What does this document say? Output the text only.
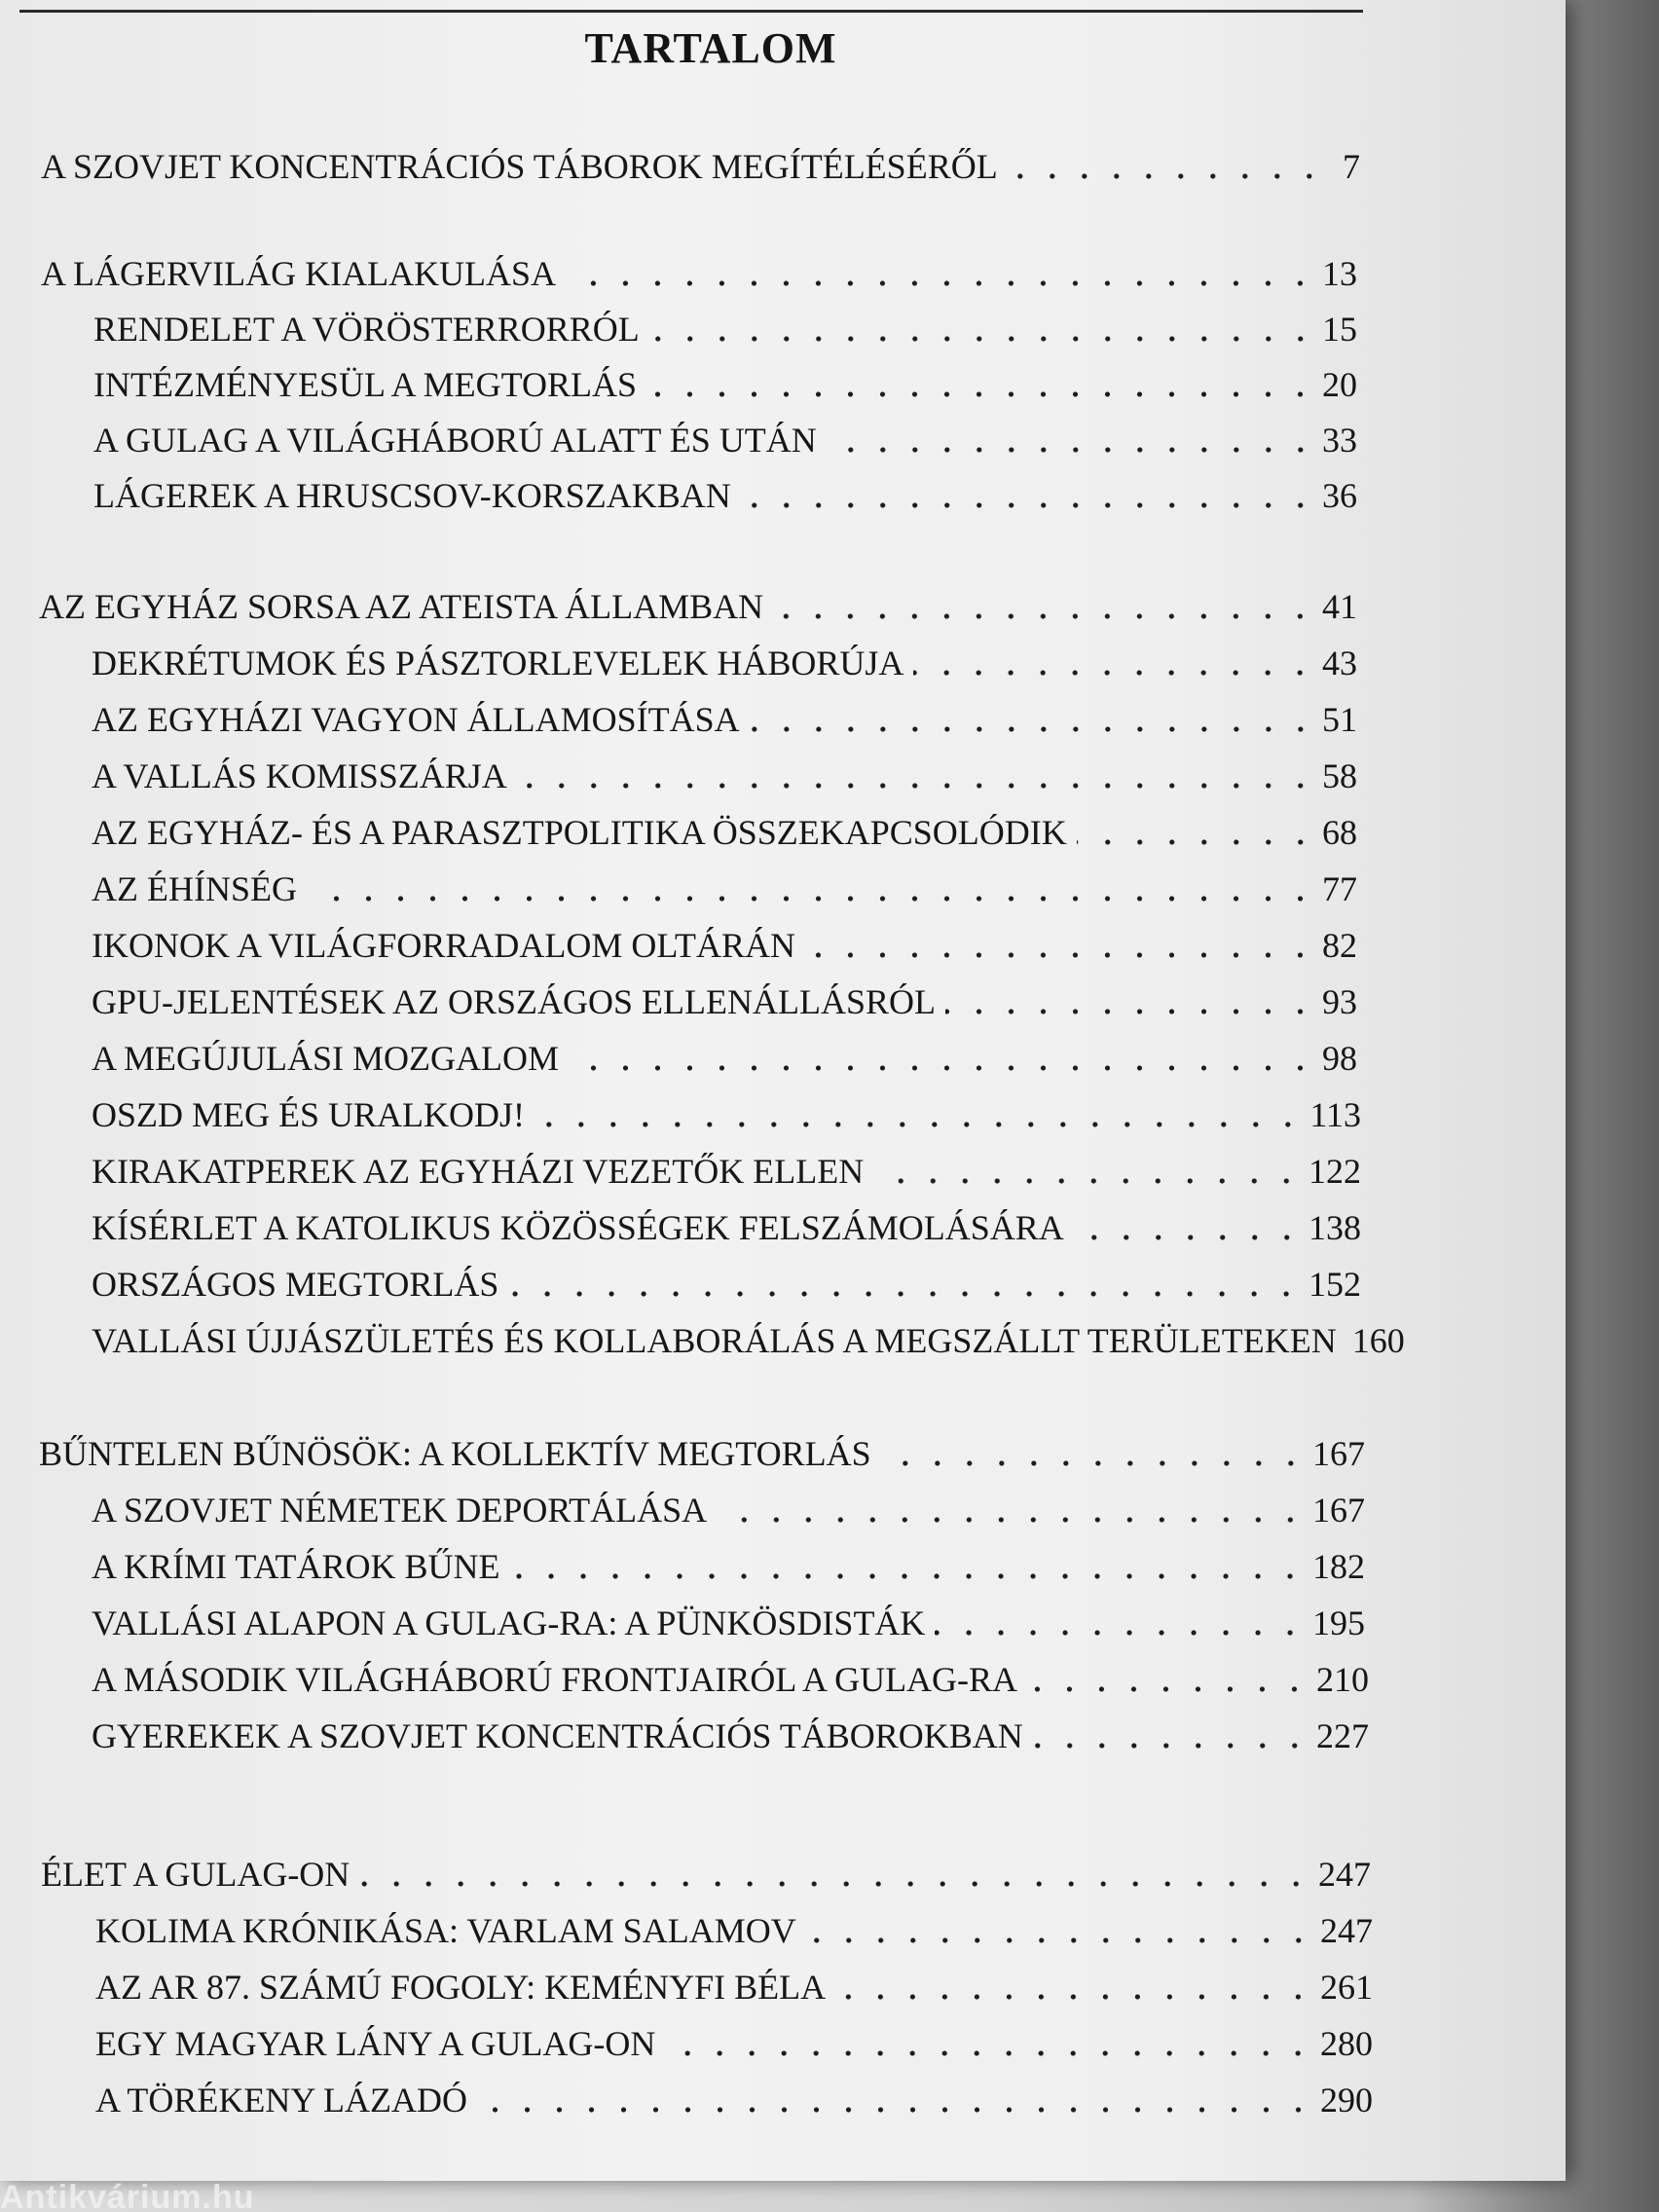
TARTALOM
A SZOVJET KONCENTRÁCIÓS TÁBOROK MEGÍTÉLÉSÉRŐL	7
A LÁGERVILÁG KIALAKULÁSA	13
RENDELET A VÖRÖSTERRORRÓL	15
INTÉZMÉNYESÜL A MEGTORLÁS	20
A GULAG A VILÁGHÁBORÚ ALATT ÉS UTÁN	33
LÁGEREK A HRUSCSOV-KORSZAKBAN	36
AZ EGYHÁZ SORSA AZ ATEISTA ÁLLAMBAN	41
DEKRÉTUMOK ÉS PÁSZTORLEVELEK HÁBORÚJA	43
AZ EGYHÁZI VAGYON ÁLLAMOSÍTÁSA	51
A VALLÁS KOMISSZÁRJA	58
AZ EGYHÁZ- ÉS A PARASZTPOLITIKA ÖSSZEKAPCSOLÓDIK	68
AZ ÉHÍNSÉG	77
IKONOK A VILÁGFORRADALOM OLTÁRÁN	82
GPU-JELENTÉSEK AZ ORSZÁGOS ELLENÁLLÁSRÓL	93
A MEGÚJULÁSI MOZGALOM	98
OSZD MEG ÉS URALKODJ!	113
KIRAKATPEREK AZ EGYHÁZI VEZETŐK ELLEN	122
KÍSÉRLET A KATOLIKUS KÖZÖSSÉGEK FELSZÁMOLÁSÁRA	138
ORSZÁGOS MEGTORLÁS	152
VALLÁSI ÚJJÁSZÜLETÉS ÉS KOLLABORÁLÁS A MEGSZÁLLT TERÜLETEKEN 160
BŰNTELEN BŰNÖSÖK: A KOLLEKTÍV MEGTORLÁS	167
A SZOVJET NÉMETEK DEPORTÁLÁSA	167
A KRÍMI TATÁROK BŰNE	182
VALLÁSI ALAPON A GULAG-RA: A PÜNKÖSDISTÁK	195
A MÁSODIK VILÁGHÁBORÚ FRONTJAIRÓL A GULAG-RA	210
GYEREKEK A SZOVJET KONCENTRÁCIÓS TÁBOROKBAN	227
ÉLET A GULAG-ON	247
KOLIMA KRÓNIKÁSA: VARLAM SALAMOV	247
AZ AR 87. SZÁMÚ FOGOLY: KEMÉNYFI BÉLA	261
EGY MAGYAR LÁNY A GULAG-ON	280
A TÖRÉKENY LÁZADÓ	290
Antikvárium.hu
